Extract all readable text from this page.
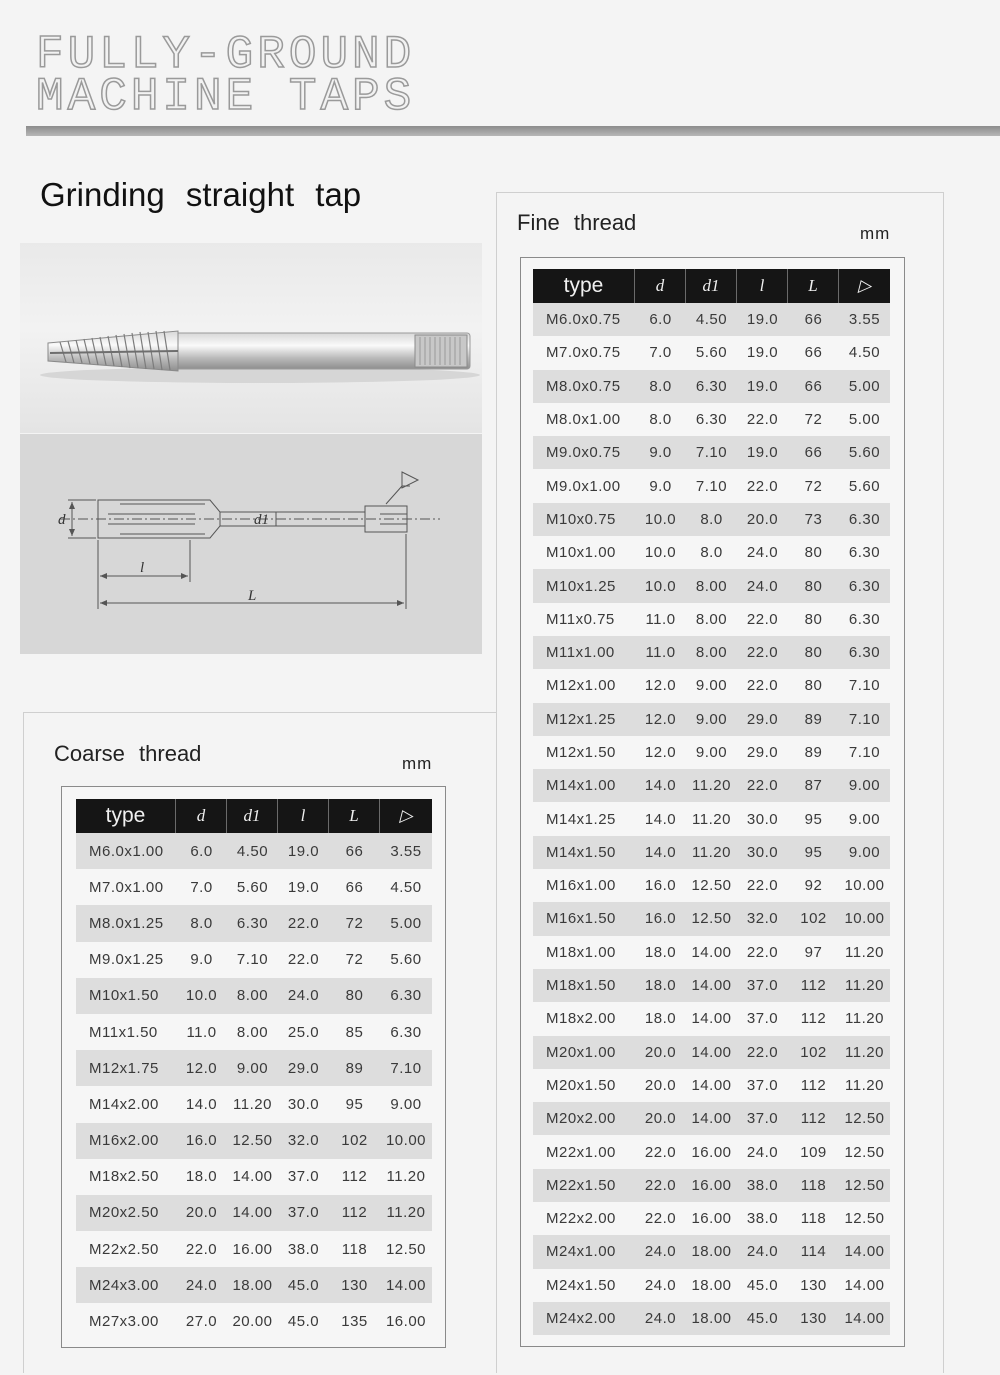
FULLY-GROUND
MACHINE TAPS
Grinding straight tap
d	d1
l
L
Coarse thread	mm
type	d	d1	l	L	▷
M6.0x1.00	6.0	4.50	19.0	66	3.55
M7.0x1.00	7.0	5.60	19.0	66	4.50
M8.0x1.25	8.0	6.30	22.0	72	5.00
M9.0x1.25	9.0	7.10	22.0	72	5.60
M10x1.50	10.0	8.00	24.0	80	6.30
M11x1.50	11.0	8.00	25.0	85	6.30
M12x1.75	12.0	9.00	29.0	89	7.10
M14x2.00	14.0	11.20	30.0	95	9.00
M16x2.00	16.0	12.50	32.0	102	10.00
M18x2.50	18.0	14.00	37.0	112	11.20
M20x2.50	20.0	14.00	37.0	112	11.20
M22x2.50	22.0	16.00	38.0	118	12.50
M24x3.00	24.0	18.00	45.0	130	14.00
M27x3.00	27.0	20.00	45.0	135	16.00
Fine thread	mm
type	d	d1	l	L	▷
M6.0x0.75	6.0	4.50	19.0	66	3.55
M7.0x0.75	7.0	5.60	19.0	66	4.50
M8.0x0.75	8.0	6.30	19.0	66	5.00
M8.0x1.00	8.0	6.30	22.0	72	5.00
M9.0x0.75	9.0	7.10	19.0	66	5.60
M9.0x1.00	9.0	7.10	22.0	72	5.60
M10x0.75	10.0	8.0	20.0	73	6.30
M10x1.00	10.0	8.0	24.0	80	6.30
M10x1.25	10.0	8.00	24.0	80	6.30
M11x0.75	11.0	8.00	22.0	80	6.30
M11x1.00	11.0	8.00	22.0	80	6.30
M12x1.00	12.0	9.00	22.0	80	7.10
M12x1.25	12.0	9.00	29.0	89	7.10
M12x1.50	12.0	9.00	29.0	89	7.10
M14x1.00	14.0	11.20	22.0	87	9.00
M14x1.25	14.0	11.20	30.0	95	9.00
M14x1.50	14.0	11.20	30.0	95	9.00
M16x1.00	16.0	12.50	22.0	92	10.00
M16x1.50	16.0	12.50	32.0	102	10.00
M18x1.00	18.0	14.00	22.0	97	11.20
M18x1.50	18.0	14.00	37.0	112	11.20
M18x2.00	18.0	14.00	37.0	112	11.20
M20x1.00	20.0	14.00	22.0	102	11.20
M20x1.50	20.0	14.00	37.0	112	11.20
M20x2.00	20.0	14.00	37.0	112	12.50
M22x1.00	22.0	16.00	24.0	109	12.50
M22x1.50	22.0	16.00	38.0	118	12.50
M22x2.00	22.0	16.00	38.0	118	12.50
M24x1.00	24.0	18.00	24.0	114	14.00
M24x1.50	24.0	18.00	45.0	130	14.00
M24x2.00	24.0	18.00	45.0	130	14.00
